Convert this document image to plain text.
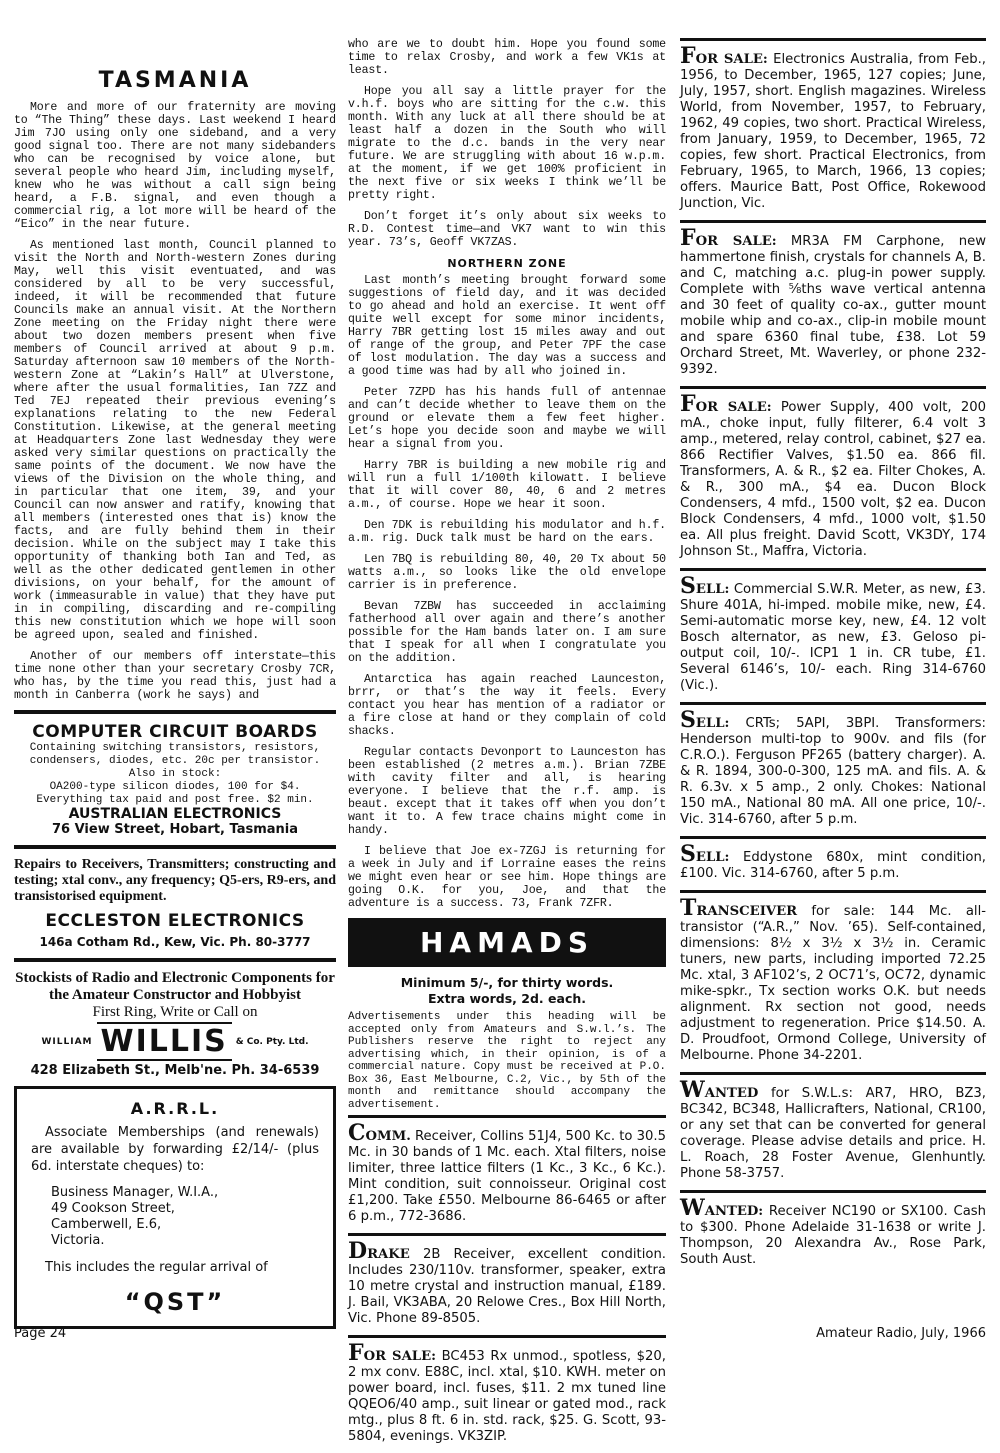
TASMANIA

More and more of our fraternity are moving to “The Thing” these days. Last weekend I heard Jim 7JO using only one sideband, and a very good signal too. There are not many sidebanders who can be recognised by voice alone, but several people who heard Jim, including myself, knew who he was without a call sign being heard, a F.B. signal, and even though a commercial rig, a lot more will be heard of the “Eico” in the near future.

As mentioned last month, Council planned to visit the North and North-western Zones during May, well this visit eventuated, and was considered by all to be very successful, indeed, it will be recommended that future Councils make an annual visit. At the Northern Zone meeting on the Friday night there were about two dozen members present when five members of Council arrived at about 9 p.m. Saturday afternoon saw 10 members of the North-western Zone at “Lakin’s Hall” at Ulverstone, where after the usual formalities, Ian 7ZZ and Ted 7EJ repeated their previous evening’s explanations relating to the new Federal Constitution. Likewise, at the general meeting at Headquarters Zone last Wednesday they were asked very similar questions on practically the same points of the document. We now have the views of the Division on the whole thing, and in particular that one item, 39, and your Council can now answer and ratify, knowing that all members (interested ones that is) know the facts, and are fully behind them in their decision. While on the subject may I take this opportunity of thanking both Ian and Ted, as well as the other dedicated gentlemen in other divisions, on your behalf, for the amount of work (immeasurable in value) that they have put in in compiling, discarding and re-compiling this new constitution which we hope will soon be agreed upon, sealed and finished.

Another of our members off interstate—this time none other than your secretary Crosby 7CR, who has, by the time you read this, just had a month in Canberra (work he says) and

COMPUTER CIRCUIT BOARDS
Containing switching transistors, resistors, condensers, diodes, etc. 20c per transistor.
Also in stock:
OA200-type silicon diodes, 100 for $4.
Everything tax paid and post free. $2 min.
AUSTRALIAN ELECTRONICS
76 View Street, Hobart, Tasmania
Repairs to Receivers, Transmitters; constructing and testing; xtal conv., any frequency; Q5-ers, R9-ers, and transistorised equipment.
ECCLESTON ELECTRONICS
146a Cotham Rd., Kew, Vic. Ph. 80-3777
Stockists of Radio and Electronic Components for the Amateur Constructor and Hobbyist
First Ring, Write or Call on
WILLIAM WILLIS & Co. Pty. Ltd.
428 Elizabeth St., Melb'ne. Ph. 34-6539
A.R.R.L.
Associate Memberships (and renewals) are available by forwarding £2/14/- (plus 6d. interstate cheques) to:
Business Manager, W.I.A.,
49 Cookson Street,
Camberwell, E.6,
Victoria.
This includes the regular arrival of
“QST”

who are we to doubt him. Hope you found some time to relax Crosby, and work a few VK1s at least.

Hope you all say a little prayer for the v.h.f. boys who are sitting for the c.w. this month. With any luck at all there should be at least half a dozen in the South who will migrate to the d.c. bands in the very near future. We are struggling with about 16 w.p.m. at the moment, if we get 100% proficient in the next five or six weeks I think we’ll be pretty right.

Don’t forget it’s only about six weeks to R.D. Contest time—and VK7 want to win this year. 73’s, Geoff VK7ZAS.

NORTHERN ZONE

Last month’s meeting brought forward some suggestions of field day, and it was decided to go ahead and hold an exercise. It went off quite well except for some minor incidents, Harry 7BR getting lost 15 miles away and out of range of the group, and Peter 7PF the case of lost modulation. The day was a success and a good time was had by all who joined in.

Peter 7ZPD has his hands full of antennae and can’t decide whether to leave them on the ground or elevate them a few feet higher. Let’s hope you decide soon and maybe we will hear a signal from you.

Harry 7BR is building a new mobile rig and will run a full 1/100th kilowatt. I believe that it will cover 80, 40, 6 and 2 metres a.m., of course. Hope we hear it soon.

Den 7DK is rebuilding his modulator and h.f. a.m. rig. Duck talk must be hard on the ears.

Len 7BQ is rebuilding 80, 40, 20 Tx about 50 watts a.m., so looks like the old envelope carrier is in preference.

Bevan 7ZBW has succeeded in acclaiming fatherhood all over again and there’s another possible for the Ham bands later on. I am sure that I speak for all when I congratulate you on the addition.

Antarctica has again reached Launceston, brrr, or that’s the way it feels. Every contact you hear has mention of a radiator or a fire close at hand or they complain of cold shacks.

Regular contacts Devonport to Launceston has been established (2 metres a.m.). Brian 7ZBE with cavity filter and all, is hearing everyone. I believe that the r.f. amp. is beaut. except that it takes off when you don’t want it to. A few trace chains might come in handy.

I believe that Joe ex-7ZGJ is returning for a week in July and if Lorraine eases the reins we might even hear or see him. Hope things are going O.K. for you, Joe, and that the adventure is a success. 73, Frank 7ZFR.

HAMADS
Minimum 5/-, for thirty words.
Extra words, 2d. each.
Advertisements under this heading will be accepted only from Amateurs and S.w.l.’s. The Publishers reserve the right to reject any advertising which, in their opinion, is of a commercial nature. Copy must be received at P.O. Box 36, East Melbourne, C.2, Vic., by 5th of the month and remittance should accompany the advertisement.
COMM. Receiver, Collins 51J4, 500 Kc. to 30.5 Mc. in 30 bands of 1 Mc. each. Xtal filters, noise limiter, three lattice filters (1 Kc., 3 Kc., 6 Kc.). Mint condition, suit connoisseur. Original cost £1,200. Take £550. Melbourne 86-6465 or after 6 p.m., 772-3686.
DRAKE 2B Receiver, excellent condition. Includes 230/110v. transformer, speaker, extra 10 metre crystal and instruction manual, £189. J. Bail, VK3ABA, 20 Relowe Cres., Box Hill North, Vic. Phone 89-8505.
FOR SALE: BC453 Rx unmod., spotless, $20, 2 mx conv. E88C, incl. xtal, $10. KWH. meter on power board, incl. fuses, $11. 2 mx tuned line QQEO6/40 amp., suit linear or gated mod., rack mtg., plus 8 ft. 6 in. std. rack, $25. G. Scott, 93-5804, evenings. VK3ZIP.
FOR SALE: Electronics Australia, from Feb., 1956, to December, 1965, 127 copies; June, July, 1957, short. English magazines. Wireless World, from November, 1957, to February, 1962, 49 copies, two short. Practical Wireless, from January, 1959, to December, 1965, 72 copies, few short. Practical Electronics, from February, 1965, to March, 1966, 13 copies; offers. Maurice Batt, Post Office, Rokewood Junction, Vic.
FOR SALE: MR3A FM Carphone, new hammertone finish, crystals for channels A, B. and C, matching a.c. plug-in power supply. Complete with ⅝ths wave vertical antenna and 30 feet of quality co-ax., gutter mount mobile whip and co-ax., clip-in mobile mount and spare 6360 final tube, £38. Lot 59 Orchard Street, Mt. Waverley, or phone 232-9392.
FOR SALE: Power Supply, 400 volt, 200 mA., choke input, fully filterer, 6.4 volt 3 amp., metered, relay control, cabinet, $27 ea. 866 Rectifier Valves, $1.50 ea. 866 fil. Transformers, A. & R., $2 ea. Filter Chokes, A. & R., 300 mA., $4 ea. Ducon Block Condensers, 4 mfd., 1500 volt, $2 ea. Ducon Block Condensers, 4 mfd., 1000 volt, $1.50 ea. All plus freight. David Scott, VK3DY, 174 Johnson St., Maffra, Victoria.
SELL: Commercial S.W.R. Meter, as new, £3. Shure 401A, hi-imped. mobile mike, new, £4. Semi-automatic morse key, new, £4. 12 volt Bosch alternator, as new, £3. Geloso pi-output coil, 10/-. ICP1 1 in. CR tube, £1. Several 6146’s, 10/- each. Ring 314-6760 (Vic.).
SELL: CRTs; 5API, 3BPI. Transformers: Henderson multi-top to 900v. and fils (for C.R.O.). Ferguson PF265 (battery charger). A. & R. 1894, 300-0-300, 125 mA. and fils. A. & R. 6.3v. x 5 amp., 2 only. Chokes: National 150 mA., National 80 mA. All one price, 10/-. Vic. 314-6760, after 5 p.m.
SELL: Eddystone 680x, mint condition, £100. Vic. 314-6760, after 5 p.m.
TRANSCEIVER for sale: 144 Mc. all-transistor (“A.R.,” Nov. ’65). Self-contained, dimensions: 8½ x 3½ x 3½ in. Ceramic tuners, new parts, including imported 72.25 Mc. xtal, 3 AF102’s, 2 OC71’s, OC72, dynamic mike-spkr., Tx section works O.K. but needs alignment. Rx section not good, needs adjustment to regeneration. Price $14.50. A. D. Proudfoot, Ormond College, University of Melbourne. Phone 34-2201.
WANTED for S.W.L.s: AR7, HRO, BZ3, BC342, BC348, Hallicrafters, National, CR100, or any set that can be converted for general coverage. Please advise details and price. H. L. Roach, 28 Foster Avenue, Glenhuntly. Phone 58-3757.
WANTED: Receiver NC190 or SX100. Cash to $300. Phone Adelaide 31-1638 or write J. Thompson, 20 Alexandra Av., Rose Park, South Aust.
Page 24	Amateur Radio, July, 1966
